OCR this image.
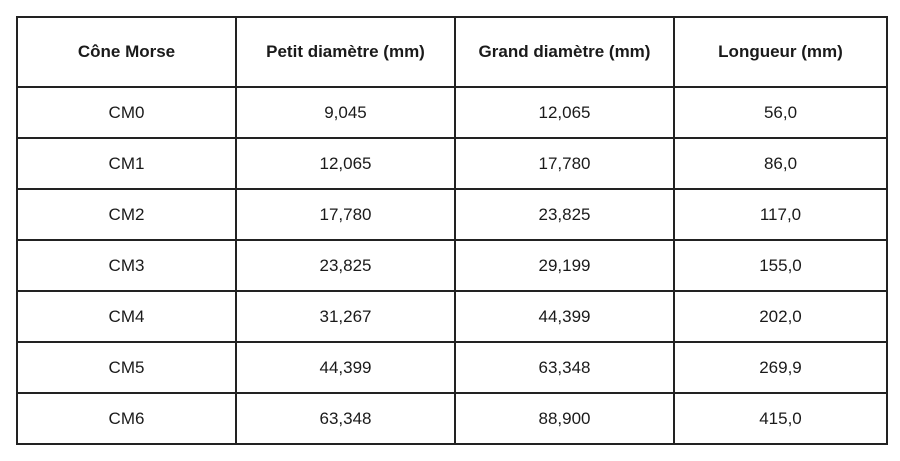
Cône Morse	Petit diamètre (mm)	Grand diamètre (mm)	Longueur (mm)
CM0	9,045	12,065	56,0
CM1	12,065	17,780	86,0
CM2	17,780	23,825	117,0
CM3	23,825	29,199	155,0
CM4	31,267	44,399	202,0
CM5	44,399	63,348	269,9
CM6	63,348	88,900	415,0
